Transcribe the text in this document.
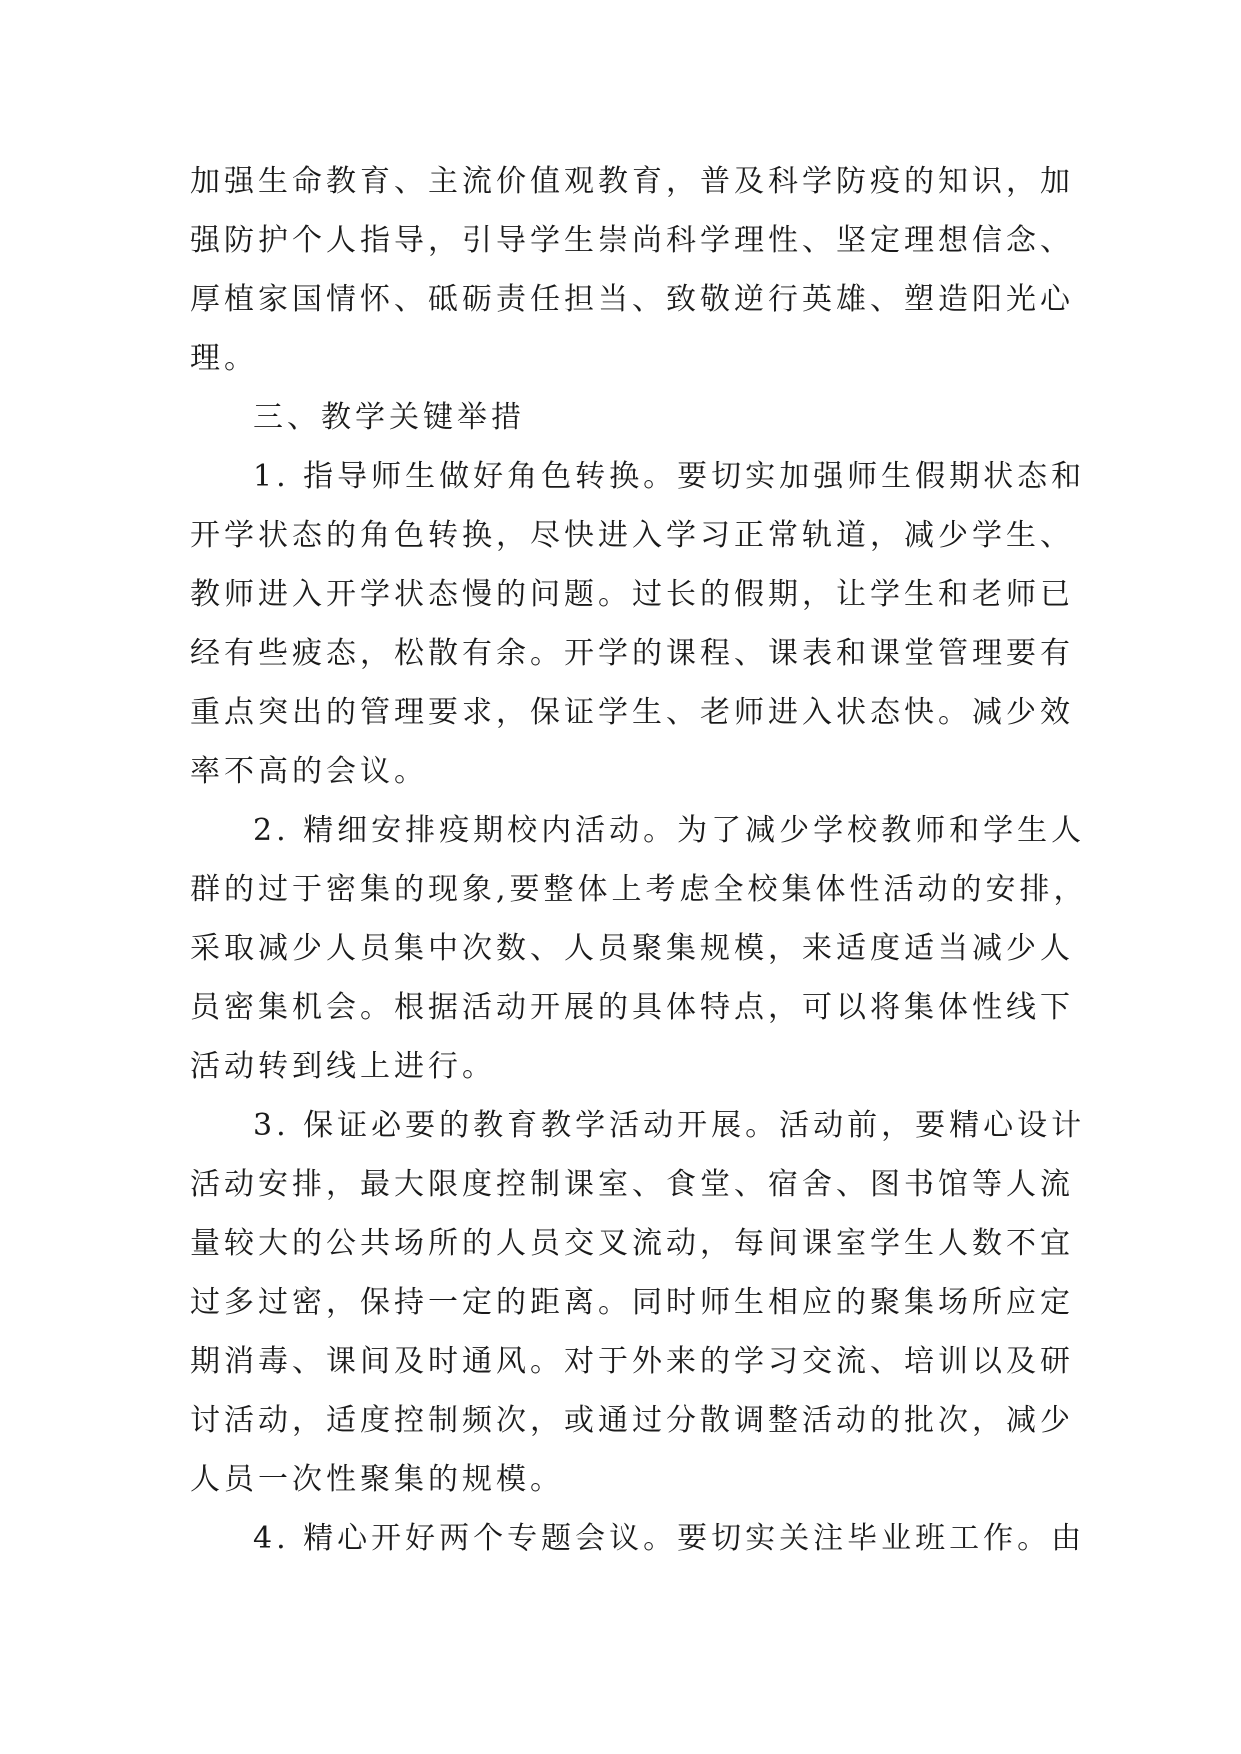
加强生命教育、主流价值观教育，普及科学防疫的知识，加
强防护个人指导，引导学生崇尚科学理性、坚定理想信念、
厚植家国情怀、砥砺责任担当、致敬逆行英雄、塑造阳光心
理。
三、教学关键举措
1. 指导师生做好角色转换。要切实加强师生假期状态和
开学状态的角色转换，尽快进入学习正常轨道，减少学生、
教师进入开学状态慢的问题。过长的假期，让学生和老师已
经有些疲态，松散有余。开学的课程、课表和课堂管理要有
重点突出的管理要求，保证学生、老师进入状态快。减少效
率不高的会议。
2. 精细安排疫期校内活动。为了减少学校教师和学生人
群的过于密集的现象,要整体上考虑全校集体性活动的安排，
采取减少人员集中次数、人员聚集规模，来适度适当减少人
员密集机会。根据活动开展的具体特点，可以将集体性线下
活动转到线上进行。
3. 保证必要的教育教学活动开展。活动前，要精心设计
活动安排，最大限度控制课室、食堂、宿舍、图书馆等人流
量较大的公共场所的人员交叉流动，每间课室学生人数不宜
过多过密，保持一定的距离。同时师生相应的聚集场所应定
期消毒、课间及时通风。对于外来的学习交流、培训以及研
讨活动，适度控制频次，或通过分散调整活动的批次，减少
人员一次性聚集的规模。
4. 精心开好两个专题会议。要切实关注毕业班工作。由
